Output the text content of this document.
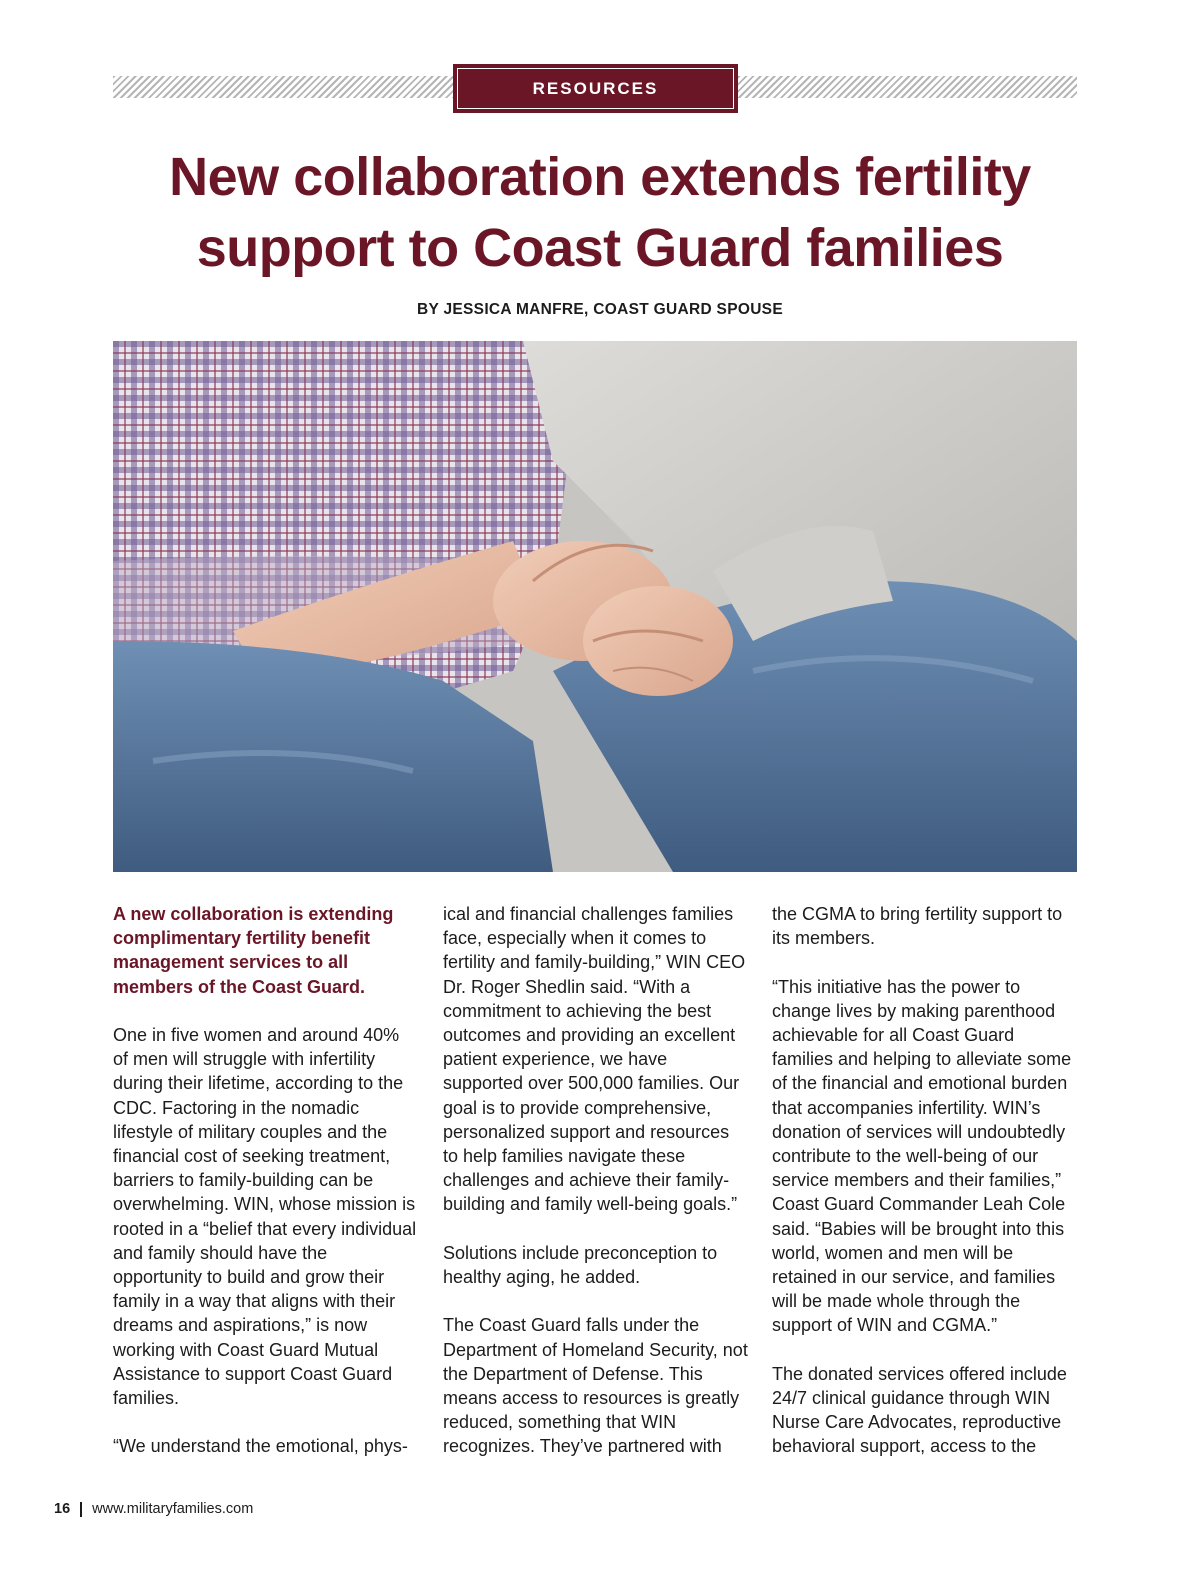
RESOURCES
New collaboration extends fertility
support to Coast Guard families
BY JESSICA MANFRE, COAST GUARD SPOUSE

A new collaboration is extending complimentary fertility benefit management services to all members of the Coast Guard.

One in five women and around 40% of men will struggle with infertility during their lifetime, according to the CDC. Factoring in the nomadic lifestyle of military couples and the financial cost of seeking treatment, barriers to family-building can be overwhelming. WIN, whose mission is rooted in a “belief that every individual and family should have the opportunity to build and grow their family in a way that aligns with their dreams and aspirations,” is now working with Coast Guard Mutual Assistance to support Coast Guard families.

“We understand the emotional, phys-

ical and financial challenges families face, especially when it comes to fertility and family-building,” WIN CEO Dr. Roger Shedlin said. “With a commitment to achieving the best outcomes and providing an excellent patient experience, we have supported over 500,000 families. Our goal is to provide comprehensive, personalized support and resources to help families navigate these challenges and achieve their family-building and family well-being goals.”

Solutions include preconception to healthy aging, he added.

The Coast Guard falls under the Department of Homeland Security, not the Department of Defense. This means access to resources is greatly reduced, something that WIN recognizes. They’ve partnered with

the CGMA to bring fertility support to its members.

“This initiative has the power to change lives by making parenthood achievable for all Coast Guard families and helping to alleviate some of the financial and emotional burden that accompanies infertility. WIN’s donation of services will undoubtedly contribute to the well-being of our service members and their families,” Coast Guard Commander Leah Cole said. “Babies will be brought into this world, women and men will be retained in our service, and families will be made whole through the support of WIN and CGMA.”

The donated services offered include 24/7 clinical guidance through WIN Nurse Care Advocates, reproductive behavioral support, access to the

16 www.militaryfamilies.com
